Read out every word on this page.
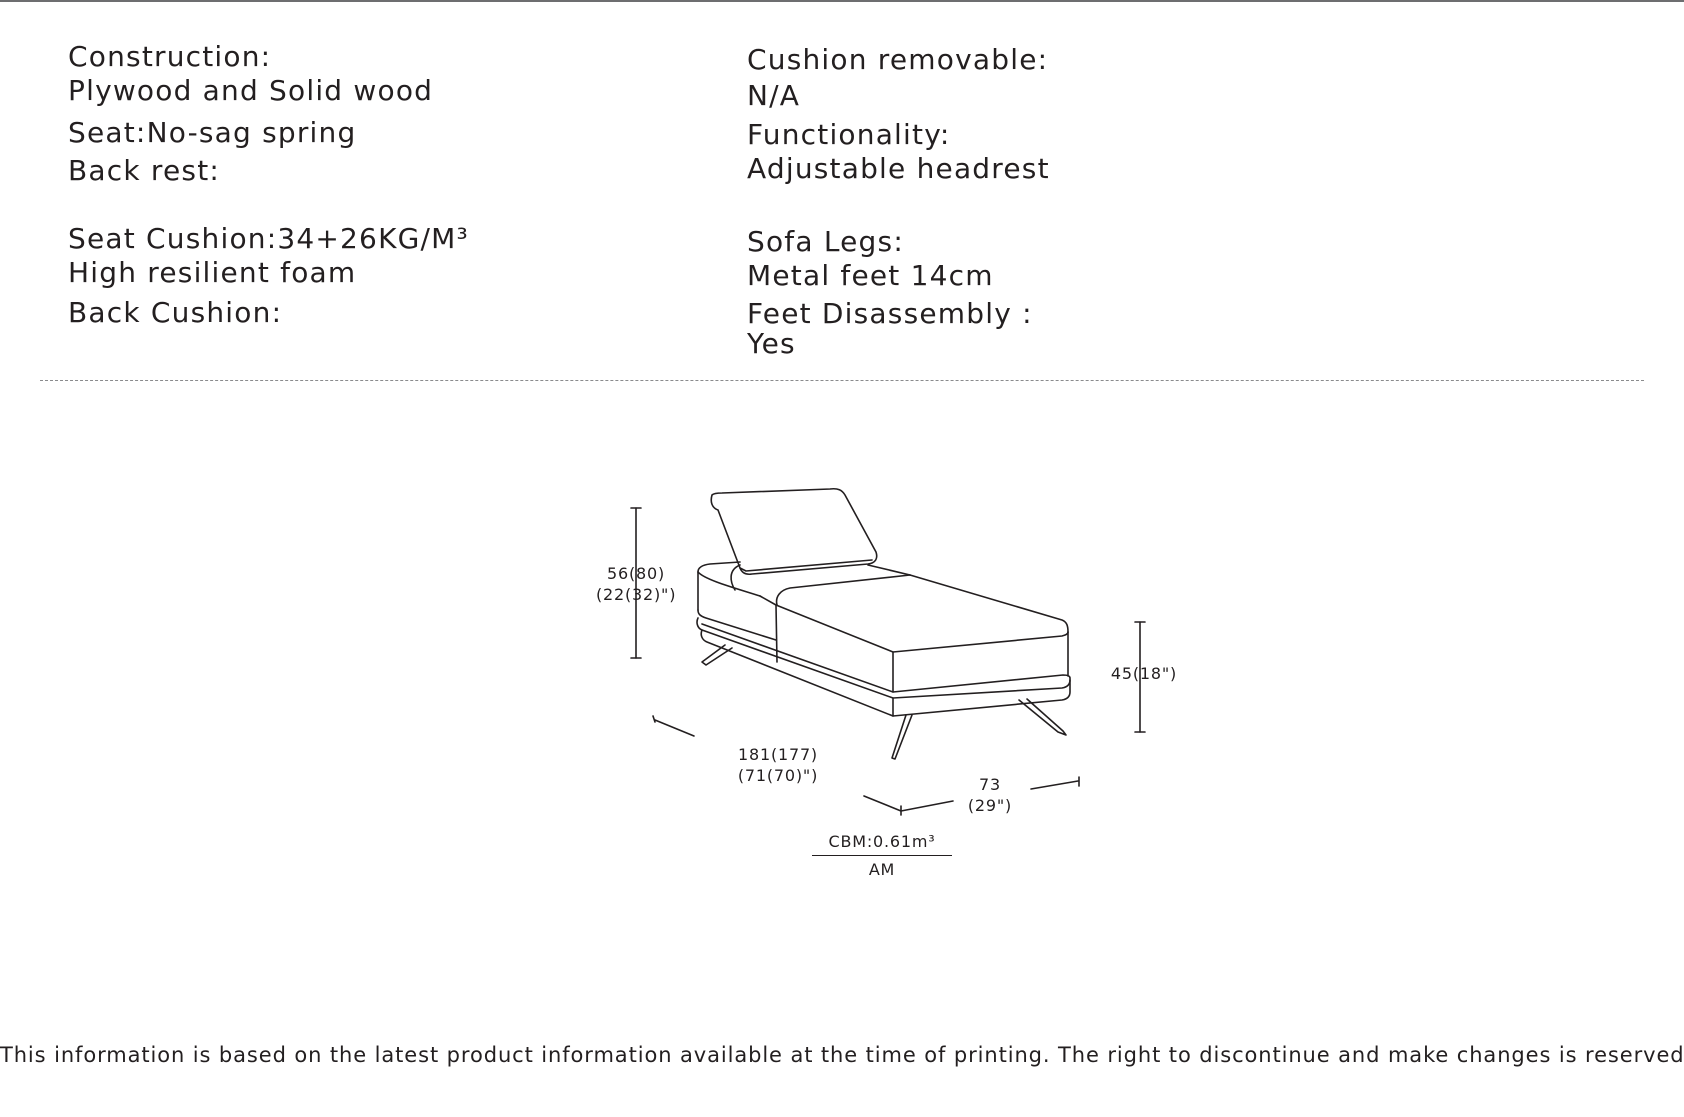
Construction:
Plywood and Solid wood
Seat:No-sag spring
Back rest:
Seat Cushion:34+26KG/M³
High resilient foam
Back Cushion:
Cushion removable:
N/A
Functionality:
Adjustable headrest
Sofa Legs:
Metal feet 14cm
Feet Disassembly :
Yes
56(80)
(22(32)")
45(18")
181(177)
(71(70)")	73
(29")
CBM:0.61m³
AM
This information is based on the latest product information available at the time of printing. The right to discontinue and make changes is reserved
